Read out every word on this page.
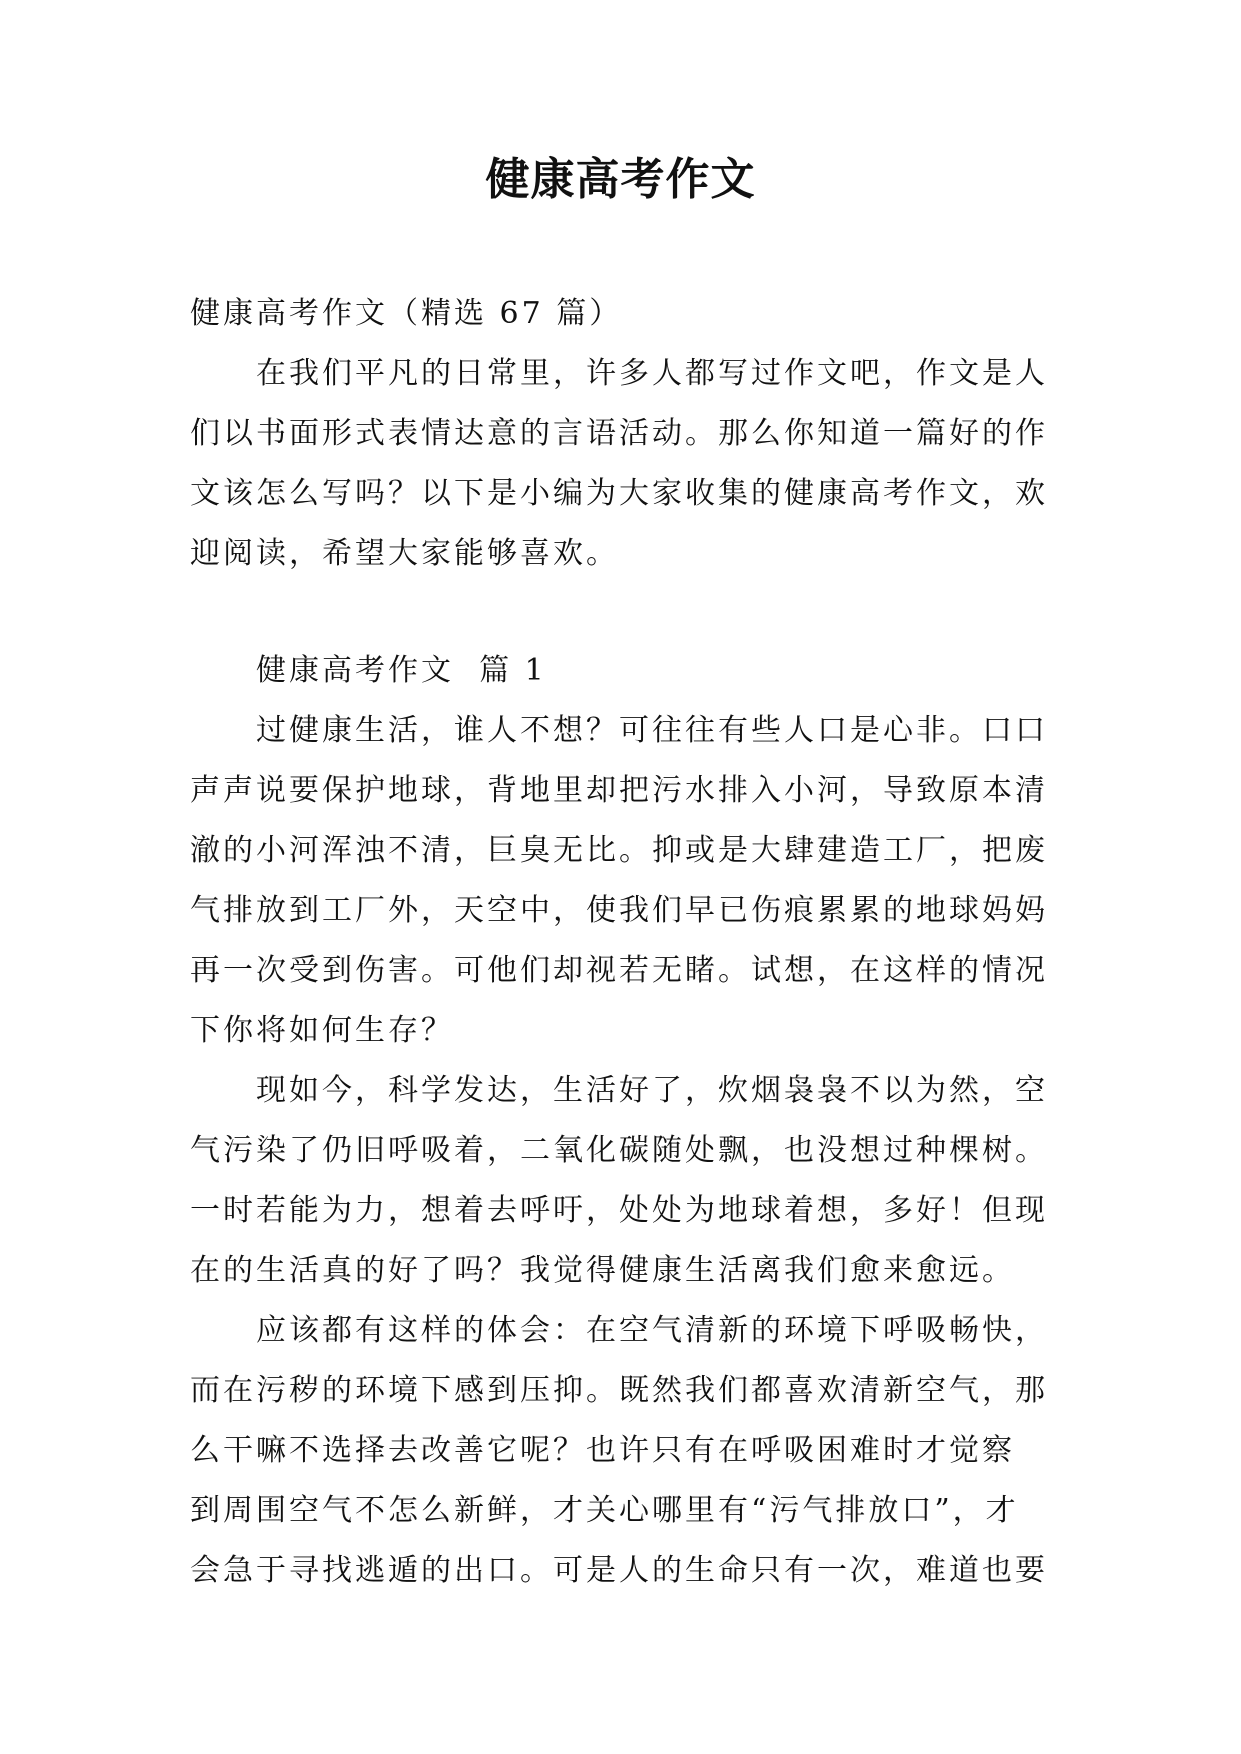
健康高考作文

健康高考作文（精选 67 篇）

在我们平凡的日常里，许多人都写过作文吧，作文是人

们以书面形式表情达意的言语活动。那么你知道一篇好的作

文该怎么写吗？以下是小编为大家收集的健康高考作文，欢

迎阅读，希望大家能够喜欢。

健康高考作文  篇 1

过健康生活，谁人不想？可往往有些人口是心非。口口

声声说要保护地球，背地里却把污水排入小河，导致原本清

澈的小河浑浊不清，巨臭无比。抑或是大肆建造工厂，把废

气排放到工厂外，天空中，使我们早已伤痕累累的地球妈妈

再一次受到伤害。可他们却视若无睹。试想，在这样的情况

下你将如何生存？

现如今，科学发达，生活好了，炊烟袅袅不以为然，空

气污染了仍旧呼吸着，二氧化碳随处飘，也没想过种棵树。

一时若能为力，想着去呼吁，处处为地球着想，多好！但现

在的生活真的好了吗？我觉得健康生活离我们愈来愈远。

应该都有这样的体会：在空气清新的环境下呼吸畅快，

而在污秽的环境下感到压抑。既然我们都喜欢清新空气，那

么干嘛不选择去改善它呢？也许只有在呼吸困难时才觉察

到周围空气不怎么新鲜，才关心哪里有“污气排放口”，才

会急于寻找逃遁的出口。可是人的生命只有一次，难道也要
